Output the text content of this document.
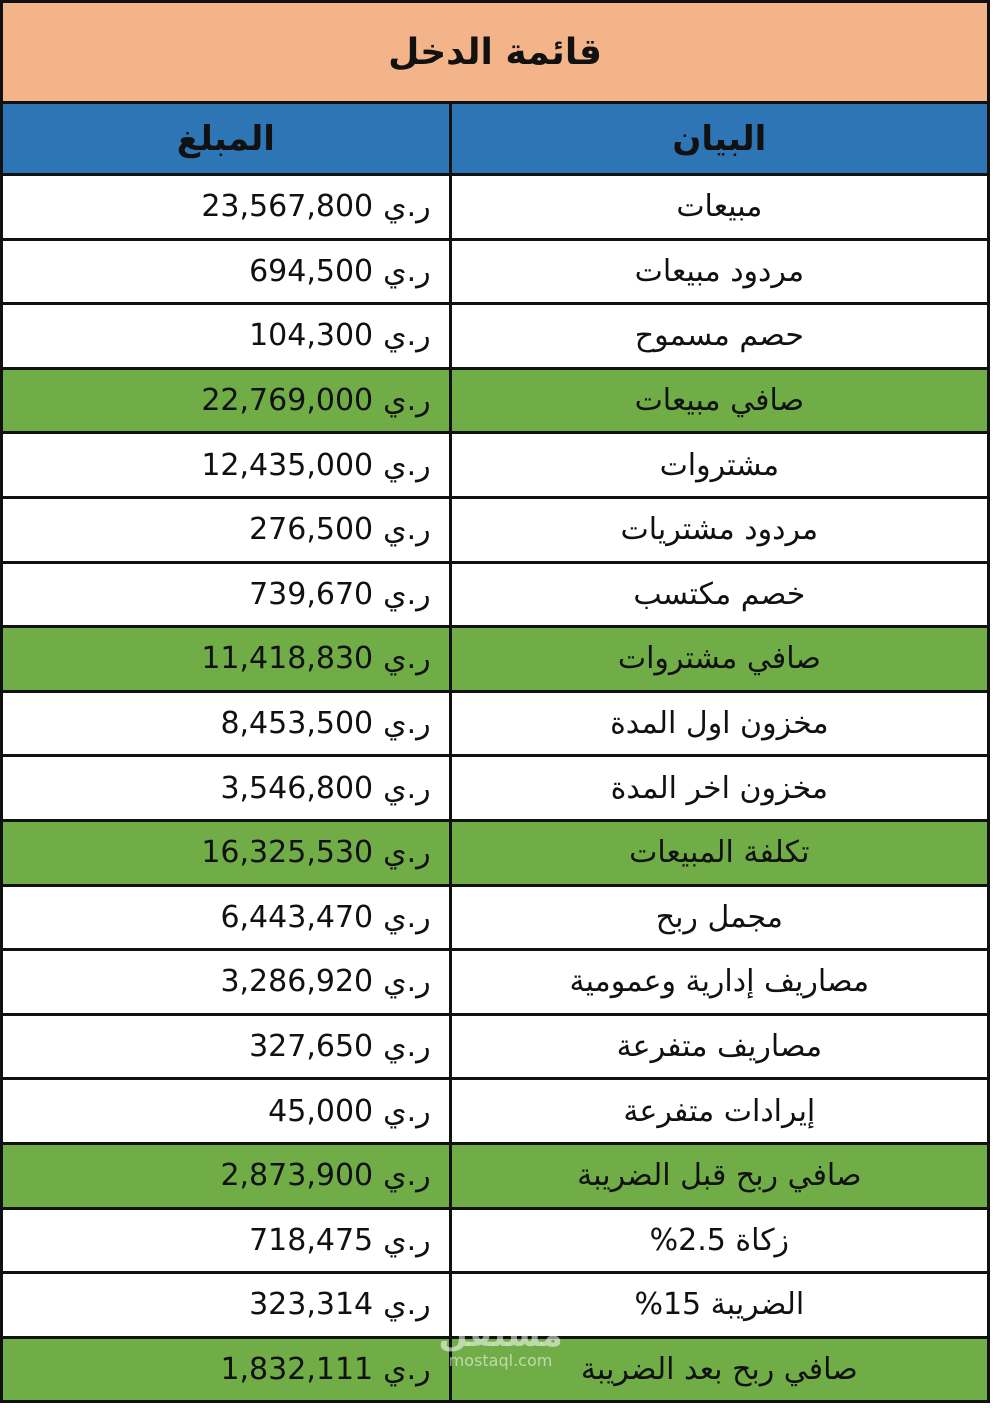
قائمة الدخل
البيان
المبلغ
مبيعات
ر.ي
23,567,800
مردود مبيعات
ر.ي
694,500
حصم مسموح
ر.ي
104,300
صافي مبيعات
ر.ي
22,769,000
مشتروات
ر.ي
12,435,000
مردود مشتريات
ر.ي
276,500
خصم مكتسب
ر.ي
739,670
صافي مشتروات
ر.ي
11,418,830
مخزون اول المدة
ر.ي
8,453,500
مخزون اخر المدة
ر.ي
3,546,800
تكلفة المبيعات
ر.ي
16,325,530
مجمل ربح
ر.ي
6,443,470
مصاريف إدارية وعمومية
ر.ي
3,286,920
مصاريف متفرعة
ر.ي
327,650
إيرادات متفرعة
ر.ي
45,000
صافي ربح قبل الضريبة
ر.ي
2,873,900
زكاة 2.5%
ر.ي
718,475
الضريبة 15%
ر.ي
323,314
صافي ربح بعد الضريبة
ر.ي
1,832,111
مستقل
mostaql.com
